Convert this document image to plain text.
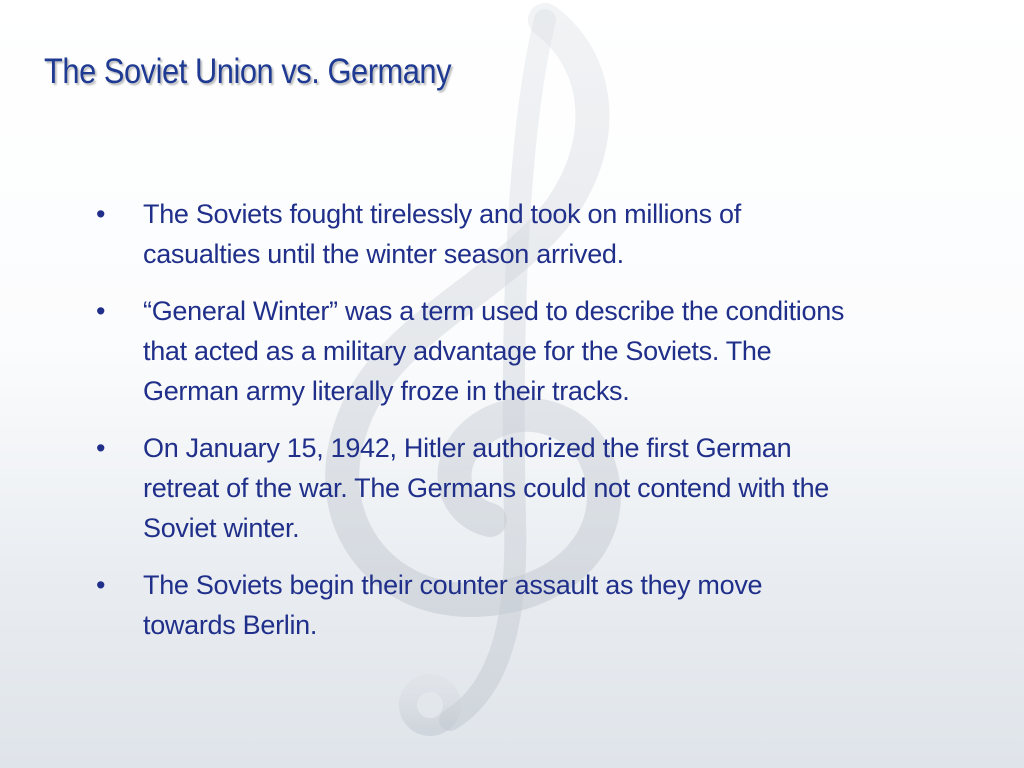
The Soviet Union vs. Germany
•	The Soviets fought tirelessly and took on millions of
casualties until the winter season arrived.
•	“General Winter” was a term used to describe the conditions
that acted as a military advantage for the Soviets. The
German army literally froze in their tracks.
•	On January 15, 1942, Hitler authorized the first German
retreat of the war. The Germans could not contend with the
Soviet winter.
•	The Soviets begin their counter assault as they move
towards Berlin.
